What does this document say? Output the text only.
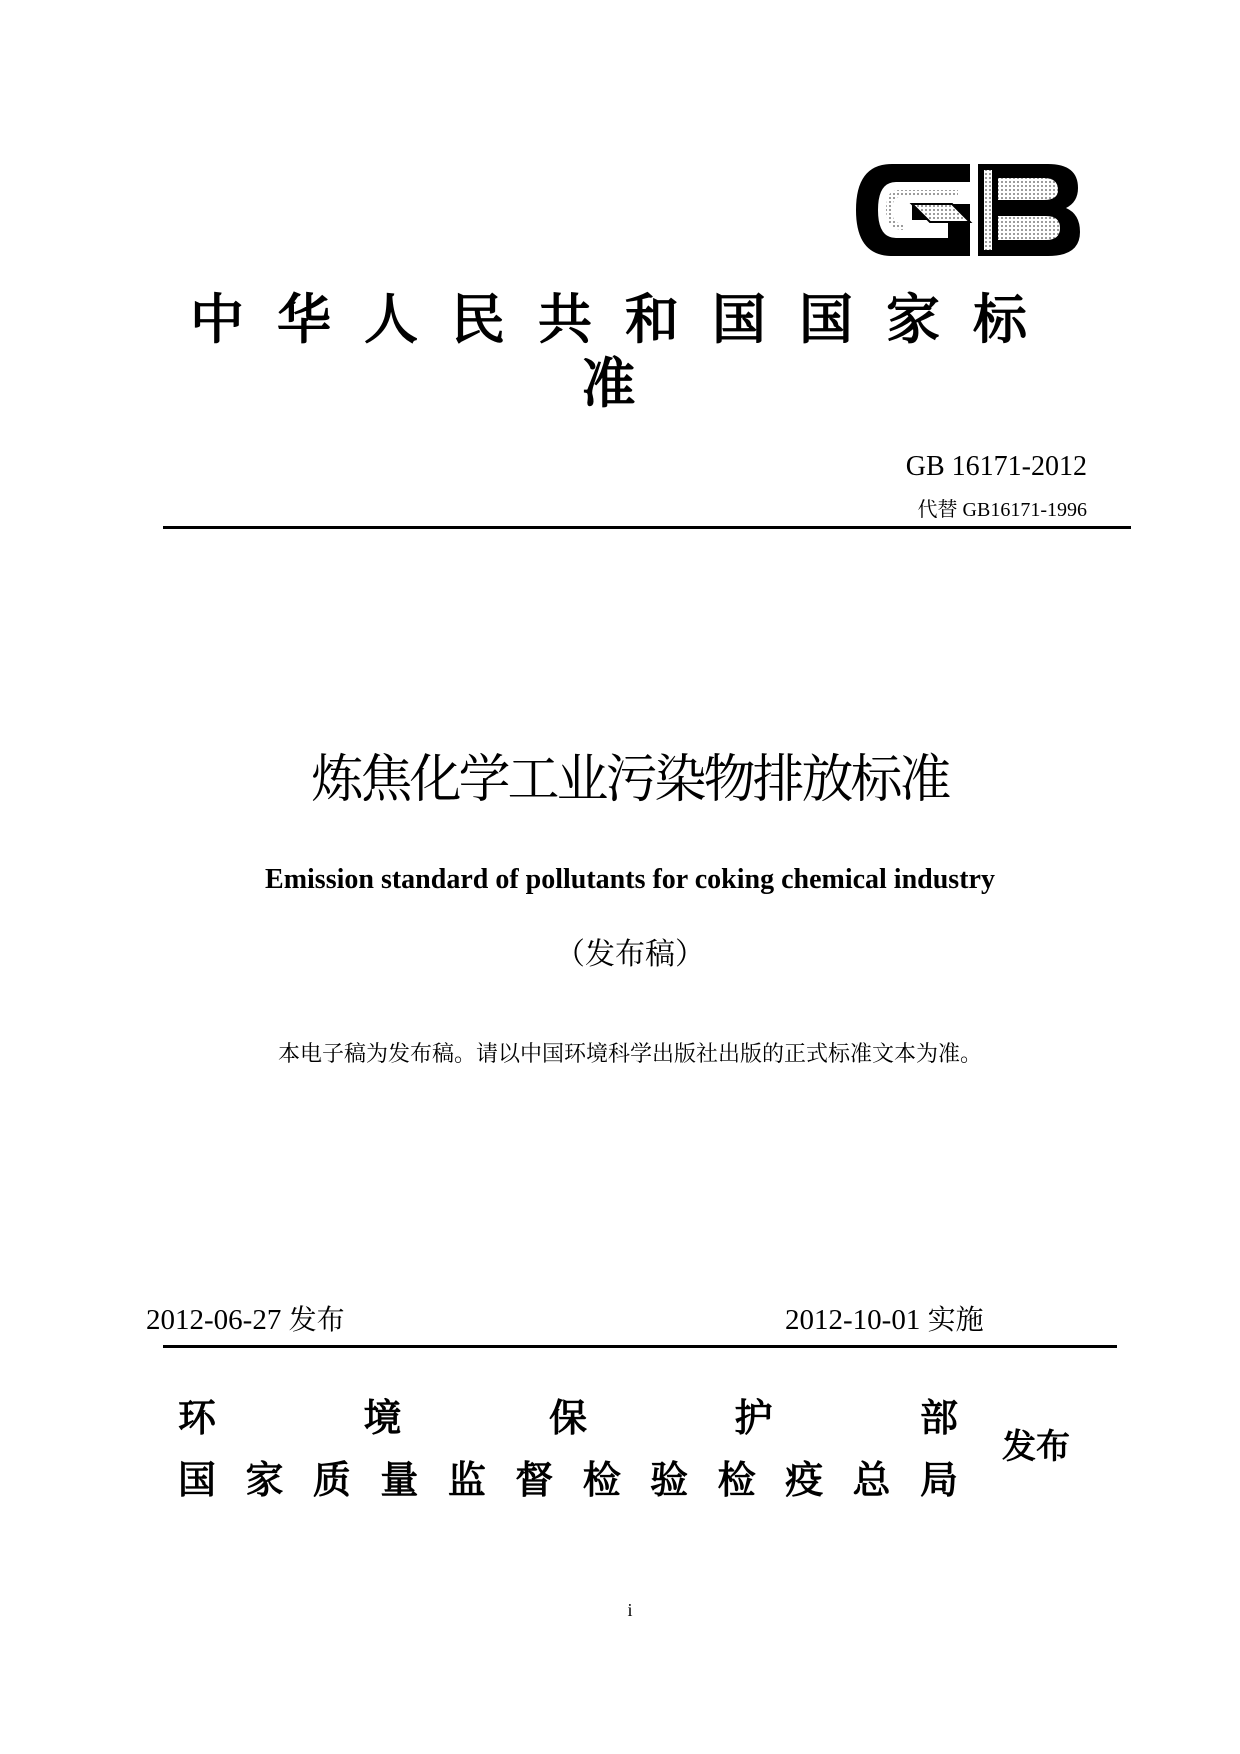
中华人民共和国国家标准
GB 16171-2012
代替 GB16171-1996
炼焦化学工业污染物排放标准
Emission standard of pollutants for coking chemical industry
（发布稿）
本电子稿为发布稿。请以中国环境科学出版社出版的正式标准文本为准。
2012-06-27 发布	2012-10-01 实施
环	境	保	护	部
国 家 质 量 监 督 检 验 检 疫 总 局
发布
i
